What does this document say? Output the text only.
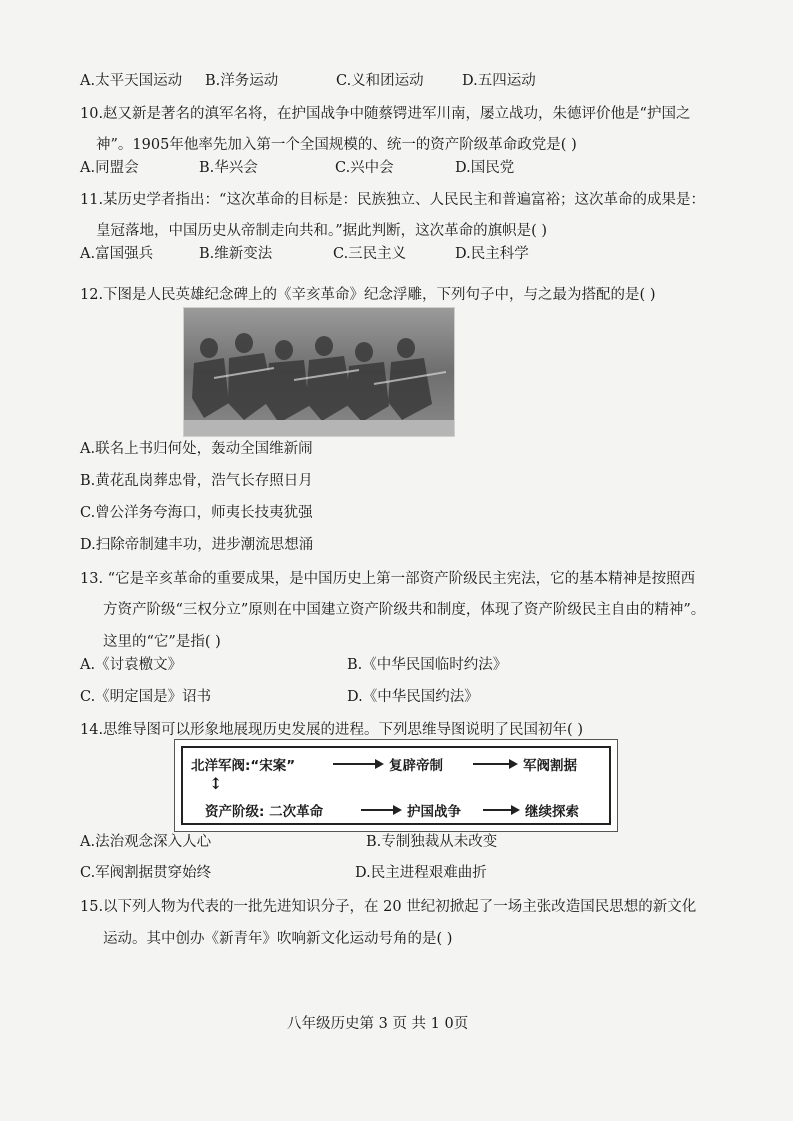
A.太平天国运动 B.洋务运动	C.义和团运动	D.五四运动
10.赵又新是著名的滇军名将，在护国战争中随蔡锷进军川南，屡立战功，朱德评价他是“护国之
神”。1905年他率先加入第一个全国规模的、统一的资产阶级革命政党是( )
A.同盟会	B.华兴会	C.兴中会	D.国民党
11.某历史学者指出：“这次革命的目标是：民族独立、人民民主和普遍富裕；这次革命的成果是：
皇冠落地，中国历史从帝制走向共和。”据此判断，这次革命的旗帜是( )
A.富国强兵	B.维新变法	C.三民主义	D.民主科学
12.下图是人民英雄纪念碑上的《辛亥革命》纪念浮雕，下列句子中，与之最为搭配的是( )
A.联名上书归何处，轰动全国维新闹
B.黄花乱岗葬忠骨，浩气长存照日月
C.曾公洋务夸海口，师夷长技夷犹强
D.扫除帝制建丰功，进步潮流思想涌
13. “它是辛亥革命的重要成果，是中国历史上第一部资产阶级民主宪法，它的基本精神是按照西
方资产阶级“三权分立”原则在中国建立资产阶级共和制度，体现了资产阶级民主自由的精神”。
这里的“它”是指( )
A.《讨袁檄文》	B.《中华民国临时约法》
C.《明定国是》诏书	D.《中华民国约法》
14.思维导图可以形象地展现历史发展的进程。下列思维导图说明了民国初年( )
北洋军阀:“宋案”	复辟帝制	军阀割据
↕
资产阶级: 二次革命	护国战争	继续探索
A.法治观念深入人心	B.专制独裁从未改变
C.军阀割据贯穿始终	D.民主进程艰难曲折
15.以下列人物为代表的一批先进知识分子，在 20 世纪初掀起了一场主张改造国民思想的新文化
运动。其中创办《新青年》吹响新文化运动号角的是( )
八年级历史第 3 页 共 1 0页
